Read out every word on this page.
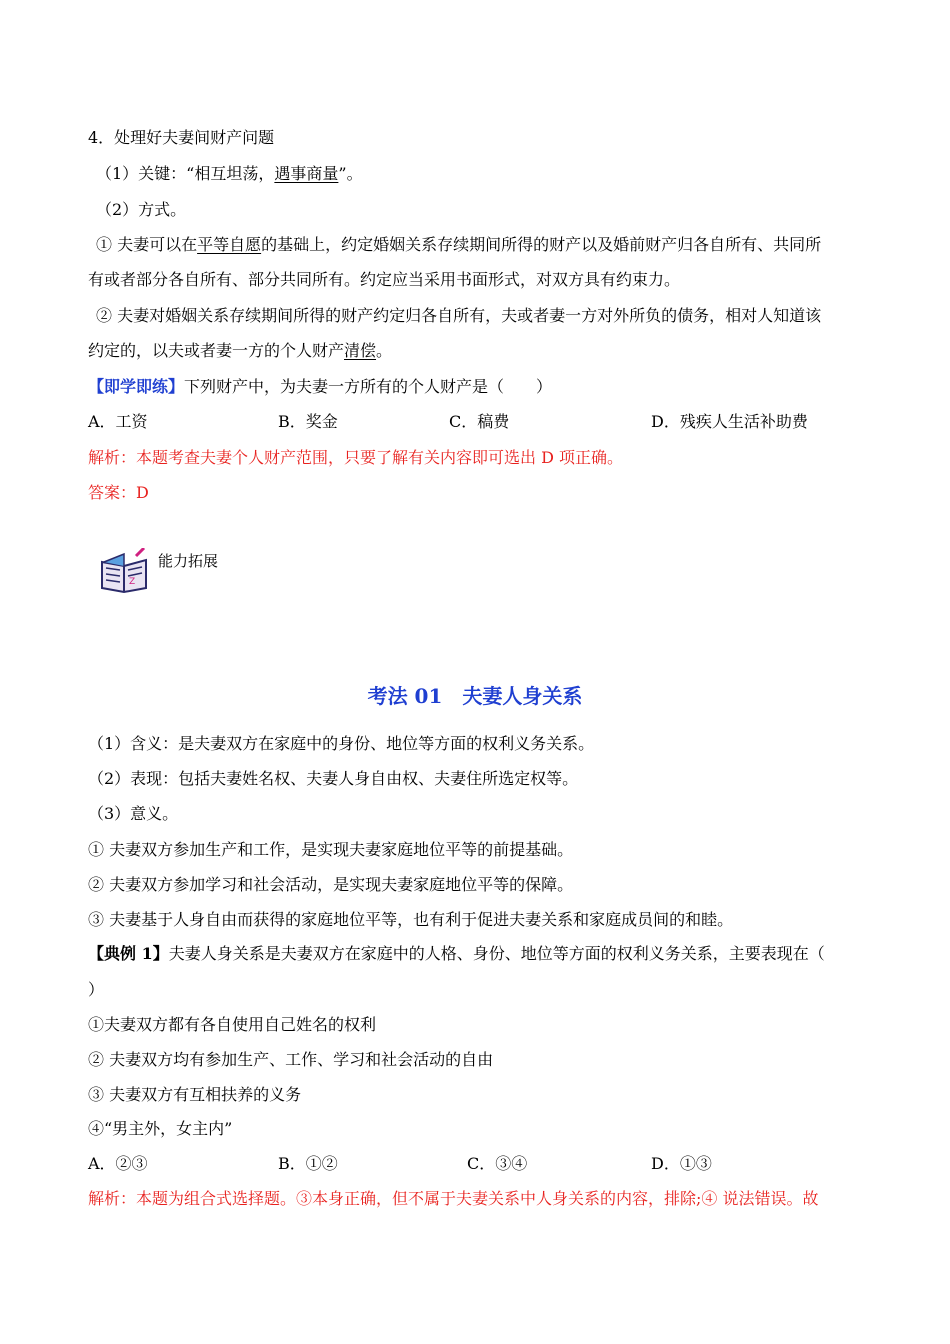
4．处理好夫妻间财产问题
（1）关键：“相互坦荡，遇事商量”。
（2）方式。
① 夫妻可以在平等自愿的基础上，约定婚姻关系存续期间所得的财产以及婚前财产归各自所有、共同所
有或者部分各自所有、部分共同所有。约定应当采用书面形式，对双方具有约束力。
② 夫妻对婚姻关系存续期间所得的财产约定归各自所有，夫或者妻一方对外所负的债务，相对人知道该
约定的，以夫或者妻一方的个人财产清偿。
【即学即练】下列财产中，为夫妻一方所有的个人财产是（　　）
A．工资	B．奖金	C．稿费	D．残疾人生活补助费
解析：本题考查夫妻个人财产范围，只要了解有关内容即可选出 D 项正确。
答案：D
Z
能力拓展
考法 01　夫妻人身关系
（1）含义：是夫妻双方在家庭中的身份、地位等方面的权利义务关系。
（2）表现：包括夫妻姓名权、夫妻人身自由权、夫妻住所选定权等。
（3）意义。
① 夫妻双方参加生产和工作，是实现夫妻家庭地位平等的前提基础。
② 夫妻双方参加学习和社会活动，是实现夫妻家庭地位平等的保障。
③ 夫妻基于人身自由而获得的家庭地位平等，也有利于促进夫妻关系和家庭成员间的和睦。
【典例 1】夫妻人身关系是夫妻双方在家庭中的人格、身份、地位等方面的权利义务关系，主要表现在（
）
①夫妻双方都有各自使用自己姓名的权利
② 夫妻双方均有参加生产、工作、学习和社会活动的自由
③ 夫妻双方有互相扶养的义务
④“男主外，女主内”
A．②③	B．①②	C．③④	D．①③
解析：本题为组合式选择题。③本身正确，但不属于夫妻关系中人身关系的内容，排除;④ 说法错误。故
